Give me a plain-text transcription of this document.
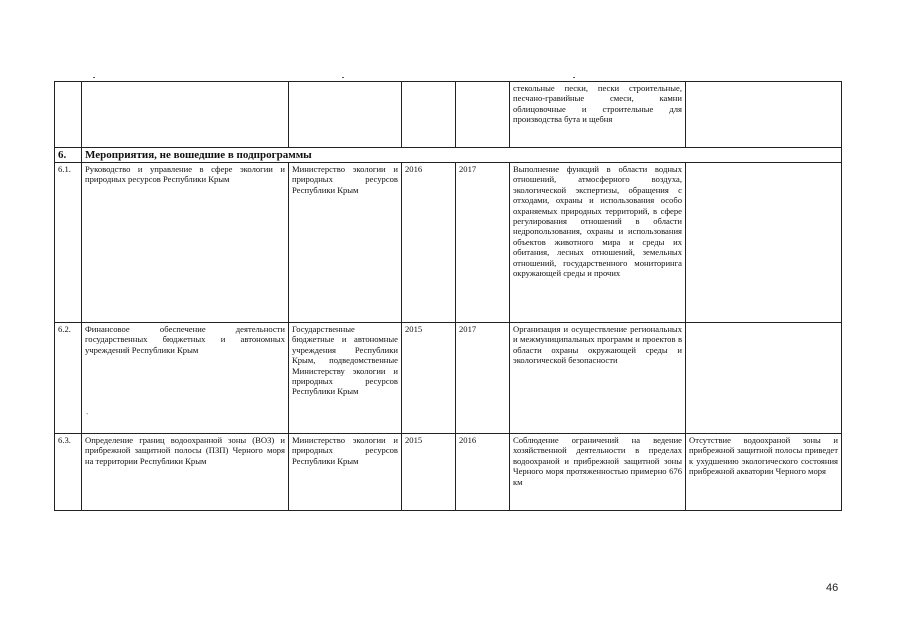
					стекольные пески, пески строительные, песчано-гравийные смеси, камни облицовочные и строительные для производства бута и щебня	
6.	Мероприятия, не вошедшие в подпрограммы					
6.1.	Руководство и управление в сфере экологии и природных ресурсов Республики Крым	Министерство экологии и природных ресурсов Республики Крым	2016	2017	Выполнение функций в области водных отношений, атмосферного воздуха, экологической экспертизы, обращения с отходами, охраны и использования особо охраняемых природных территорий, в сфере регулирования отношений в области недропользования, охраны и использования объектов животного мира и среды их обитания, лесных отношений, земельных отношений, государственного мониторинга окружающей среды и прочих	
6.2.	Финансовое обеспечение деятельности государственных бюджетных и автономных учреждений Республики Крым	Государственные бюджетные и автономные учреждения Республики Крым, подведомственные Министерству экологии и природных ресурсов Республики Крым	2015	2017	Организация и осуществление региональных и межмуниципальных программ и проектов в области охраны окружающей среды и экологической безопасности	
6.3.	Определение границ водоохранной зоны (ВОЗ) и прибрежной защитной полосы (ПЗП) Черного моря на территории Республики Крым	Министерство экологии и природных ресурсов Республики Крым	2015	2016	Соблюдение ограничений на ведение хозяйственной деятельности в пределах водоохраной и прибрежной защитной зоны Черного моря протяженностью примерно 676 км	Отсутствие водоохраной зоны и прибрежной защитной полосы приведет к ухудшению экологического состояния прибрежной акватории Черного моря
`
46
